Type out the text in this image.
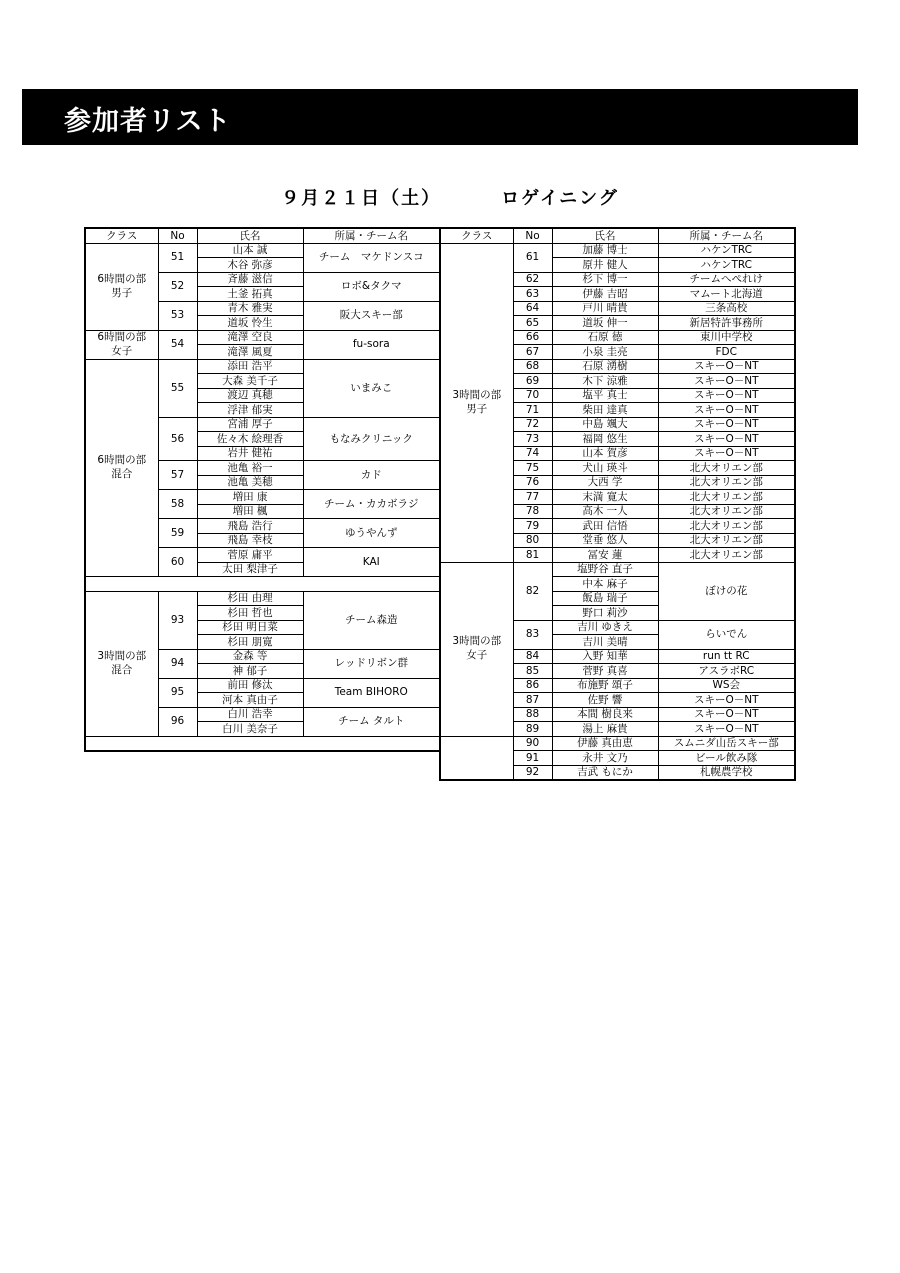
参加者リスト
９月２１日（土）	ロゲイニング
クラス	No	氏名	所属・チーム名
6時間の部
男子	51	山本 誠	チーム　マケドンスコ
		木谷 弥彦	
	52	斉藤 滋信	ロボ&タクマ
		土釜 拓真	
	53	青木 雅実	阪大スキー部
		道坂 怜生	
6時間の部
女子	54	滝澤 空良	fu-sora
		滝澤 風夏	
6時間の部
混合	55	添田 浩平	いまみこ
		大森 美千子	
		渡辺 真穂	
		浮津 郁実	
	56	宮浦 厚子	もなみクリニック
		佐々木 絵理香	
		岩井 健祐	
	57	池亀 裕一	カド
		池亀 美穂	
	58	増田 康	チーム・カカボラジ
		増田 楓	
	59	飛島 浩行	ゆうやんず
		飛島 幸枝	
	60	菅原 庸平	KAI
		太田 梨津子	

3時間の部
混合	93	杉田 由理	チーム森造
		杉田 哲也	
		杉田 明日菜	
		杉田 朋寛	
	94	金森 等	レッドリボン群
		神 郁子	
	95	前田 修汰	Team BIHORO
		河本 真由子	
	96	白川 浩幸	チーム タルト
		白川 美奈子	

クラス	No	氏名	所属・チーム名
3時間の部
男子	61	加藤 博士	ハケンTRC
		原井 健人	ハケンTRC
	62	杉下 博一	チームへぺれけ
	63	伊藤 吉昭	マムート北海道
	64	戸川 晴貴	三条高校
	65	道坂 伸一	新居特許事務所
	66	石原 徳	東川中学校
	67	小泉 圭亮	FDC
	68	石原 湧樹	スキーO－NT
	69	木下 涼雅	スキーO－NT
	70	塩平 真士	スキーO－NT
	71	柴田 達真	スキーO－NT
	72	中島 颯大	スキーO－NT
	73	福岡 悠生	スキーO－NT
	74	山本 賀彦	スキーO－NT
	75	犬山 瑛斗	北大オリエン部
	76	大西 学	北大オリエン部
	77	末満 寛太	北大オリエン部
	78	高木 一人	北大オリエン部
	79	武田 信悟	北大オリエン部
	80	堂垂 悠人	北大オリエン部
	81	冨安 蓮	北大オリエン部
3時間の部
女子	82	塩野谷 直子	ぼけの花
		中本 麻子	
		飯島 瑞子	
		野口 莉沙	
	83	吉川 ゆきえ	らいでん
		吉川 美晴	
	84	入野 知華	run tt RC
	85	菅野 真喜	アスラボRC
	86	布施野 頌子	WS会
	87	佐野 響	スキーO－NT
	88	本間 樹良来	スキーO－NT
	89	湯上 麻貴	スキーO－NT
	90	伊藤 真由恵	スムニダ山岳スキー部
	91	永井 文乃	ビール飲み隊
	92	吉武 もにか	札幌農学校
